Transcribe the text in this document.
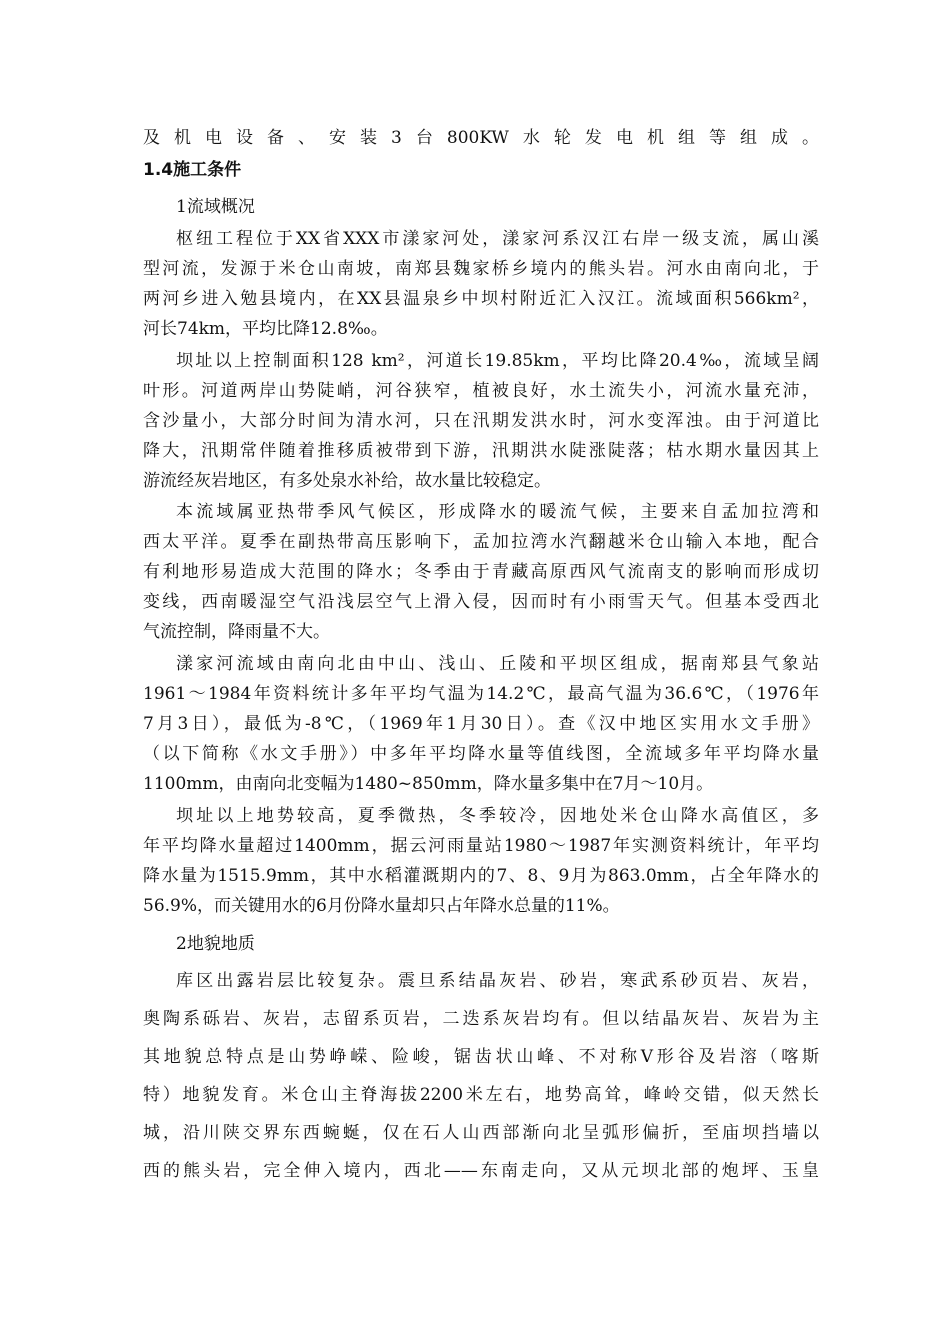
及机电设备、安装3台800KW水轮发电机组等组成。
1.4施工条件
1流域概况
枢纽工程位于XX省XXX市漾家河处，漾家河系汉江右岸一级支流，属山溪
型河流，发源于米仓山南坡，南郑县魏家桥乡境内的熊头岩。河水由南向北，于
两河乡进入勉县境内，在XX县温泉乡中坝村附近汇入汉江。流域面积566km²，
河长74km，平均比降12.8‰。
坝址以上控制面积128 km²，河道长19.85km，平均比降20.4‰，流域呈阔
叶形。河道两岸山势陡峭，河谷狭窄，植被良好，水土流失小，河流水量充沛，
含沙量小，大部分时间为清水河，只在汛期发洪水时，河水变浑浊。由于河道比
降大，汛期常伴随着推移质被带到下游，汛期洪水陡涨陡落；枯水期水量因其上
游流经灰岩地区，有多处泉水补给，故水量比较稳定。
本流域属亚热带季风气候区，形成降水的暖流气候，主要来自孟加拉湾和
西太平洋。夏季在副热带高压影响下，孟加拉湾水汽翻越米仓山输入本地，配合
有利地形易造成大范围的降水；冬季由于青藏高原西风气流南支的影响而形成切
变线，西南暖湿空气沿浅层空气上滑入侵，因而时有小雨雪天气。但基本受西北
气流控制，降雨量不大。
漾家河流域由南向北由中山、浅山、丘陵和平坝区组成，据南郑县气象站
1961～1984年资料统计多年平均气温为14.2℃，最高气温为36.6℃，（1976年
7月3日），最低为-8℃，（1969年1月30日）。查《汉中地区实用水文手册》
（以下简称《水文手册》）中多年平均降水量等值线图，全流域多年平均降水量
1100mm，由南向北变幅为1480~850mm，降水量多集中在7月～10月。
坝址以上地势较高，夏季微热，冬季较冷，因地处米仓山降水高值区，多
年平均降水量超过1400mm，据云河雨量站1980～1987年实测资料统计，年平均
降水量为1515.9mm，其中水稻灌溉期内的7、8、9月为863.0mm，占全年降水的
56.9%，而关键用水的6月份降水量却只占年降水总量的11%。
2地貌地质
库区出露岩层比较复杂。震旦系结晶灰岩、砂岩，寒武系砂页岩、灰岩，
奥陶系砾岩、灰岩，志留系页岩，二迭系灰岩均有。但以结晶灰岩、灰岩为主
其地貌总特点是山势峥嵘、险峻，锯齿状山峰、不对称V形谷及岩溶（喀斯
特）地貌发育。米仓山主脊海拔2200米左右，地势高耸，峰岭交错，似天然长
城，沿川陕交界东西蜿蜒，仅在石人山西部渐向北呈弧形偏折，至庙坝挡墙以
西的熊头岩，完全伸入境内，西北——东南走向，又从元坝北部的炮坪、玉皇
